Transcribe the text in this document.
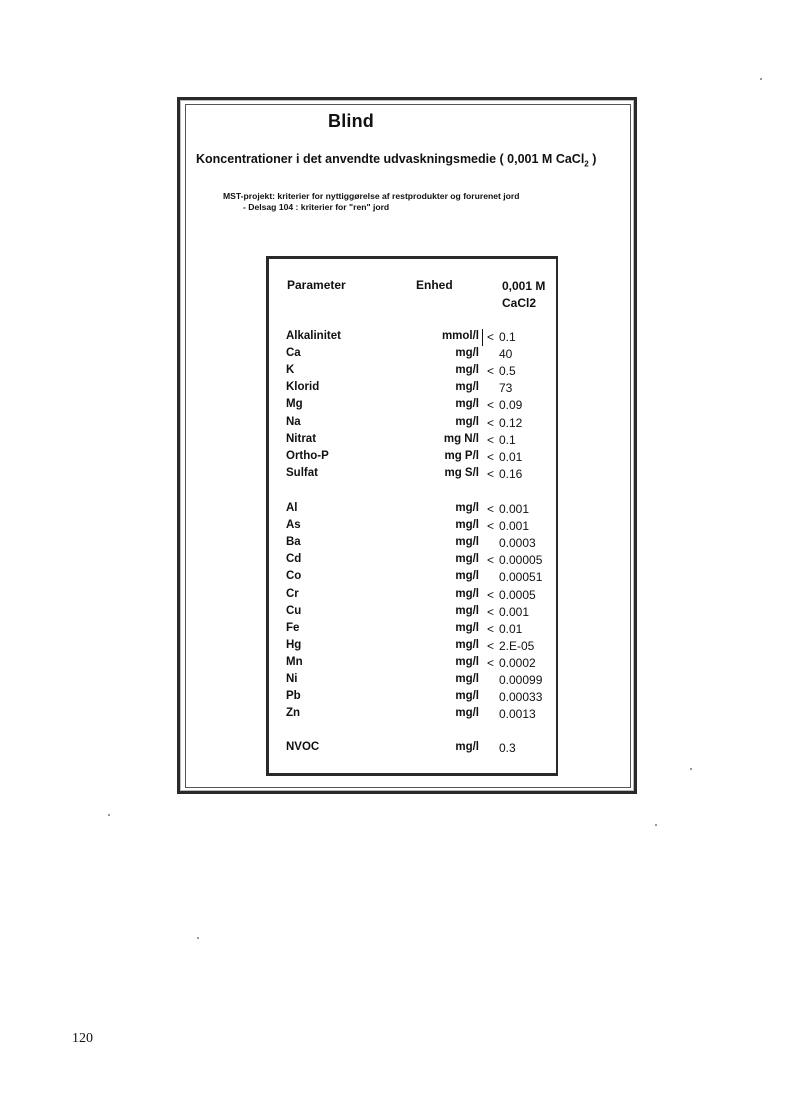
Blind
Koncentrationer i det anvendte udvaskningsmedie ( 0,001 M CaCl$_2$ )
MST-projekt: kriterier for nyttiggørelse af restprodukter og forurenet jord
- Delsag 104 : kriterier for "ren" jord
Parameter	Enhed	0,001 M
CaCl2
Alkalinitet	mmol/l < 0.1
Ca	mg/l 40
K	mg/l < 0.5
Klorid	mg/l 73
Mg	mg/l < 0.09
Na	mg/l < 0.12
Nitrat	mg N/l < 0.1
Ortho-P	mg P/l < 0.01
Sulfat	mg S/l < 0.16
Al	mg/l < 0.001
As	mg/l < 0.001
Ba	mg/l 0.0003
Cd	mg/l < 0.00005
Co	mg/l 0.00051
Cr	mg/l < 0.0005
Cu	mg/l < 0.001
Fe	mg/l < 0.01
Hg	mg/l < 2.E-05
Mn	mg/l < 0.0002
Ni	mg/l 0.00099
Pb	mg/l 0.00033
Zn	mg/l 0.0013
NVOC	mg/l 0.3
120
